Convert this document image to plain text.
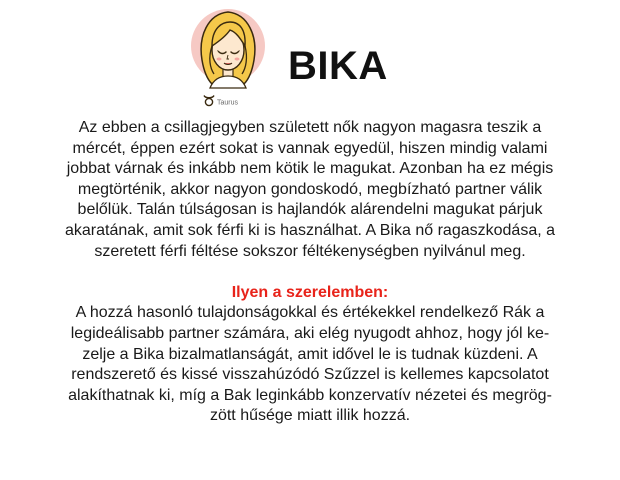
Taurus
BIKA

Az ebben a csillagjegyben született nők nagyon magasra teszik a
mércét, éppen ezért sokat is vannak egyedül, hiszen mindig valami
jobbat várnak és inkább nem kötik le magukat. Azonban ha ez mégis
megtörténik, akkor nagyon gondoskodó, megbízható partner válik
belőlük. Talán túlságosan is hajlandók alárendelni magukat párjuk
akaratának, amit sok férfi ki is használhat. A Bika nő ragaszkodása, a
szeretett férfi féltése sokszor féltékenységben nyilvánul meg.

Ilyen a szerelemben:
A hozzá hasonló tulajdonságokkal és értékekkel rendelkező Rák a
legideálisabb partner számára, aki elég nyugodt ahhoz, hogy jól ke-
zelje a Bika bizalmatlanságát, amit idővel le is tudnak küzdeni. A
rendszerető és kissé visszahúzódó Szűzzel is kellemes kapcsolatot
alakíthatnak ki, míg a Bak leginkább konzervatív nézetei és megrög-
zött hűsége miatt illik hozzá.
